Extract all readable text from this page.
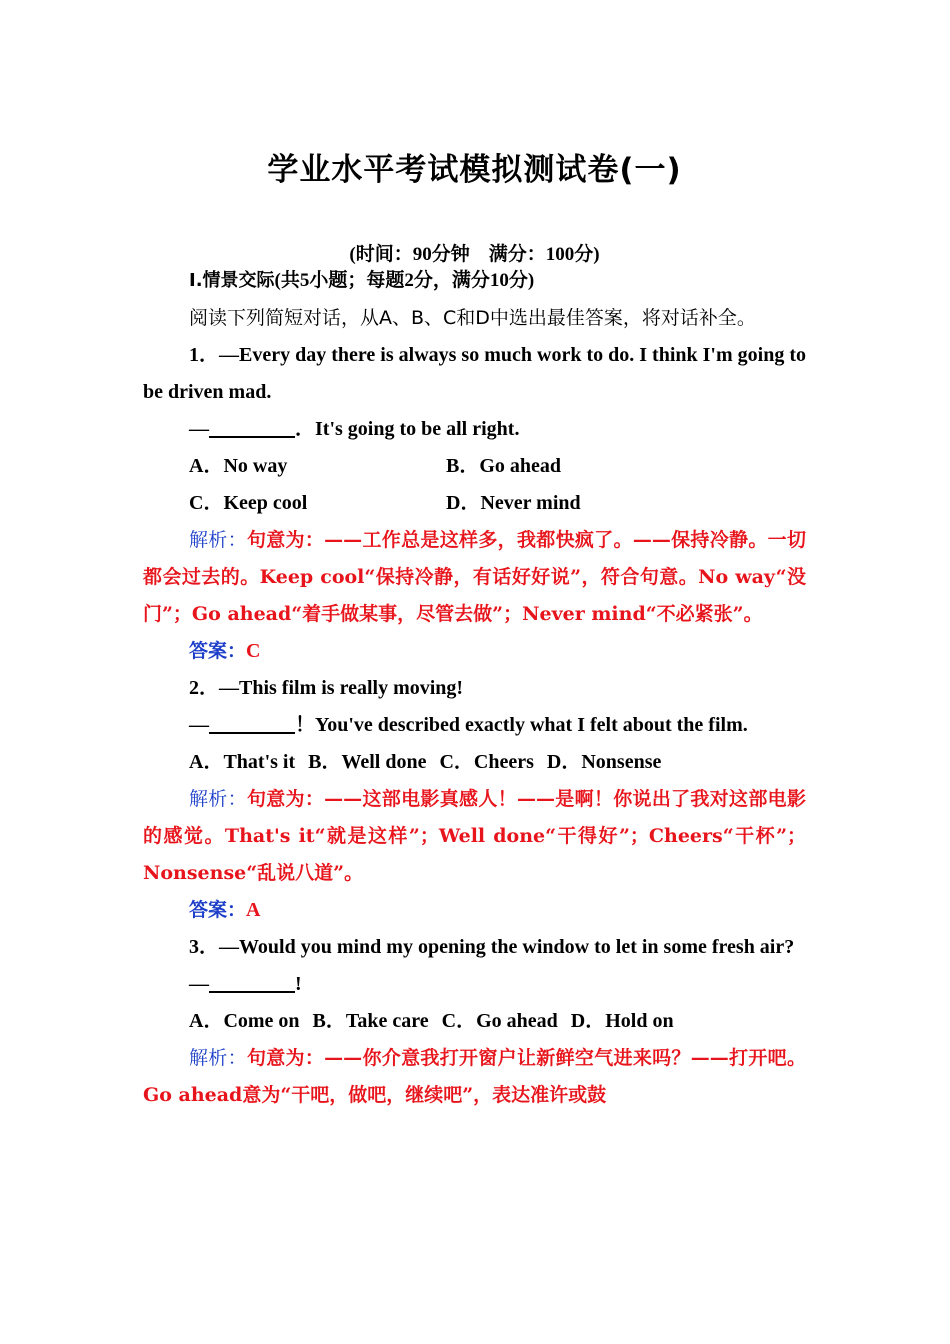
学业水平考试模拟测试卷(一)
(时间：90分钟　满分：100分)
Ⅰ.情景交际(共5小题；每题2分，满分10分)

阅读下列简短对话，从A、B、C和D中选出最佳答案，将对话补全。

1．—Every day there is always so much work to do. I think I'm going to be driven mad.

—	．It's going to be all right.

A．No way	B．Go ahead
C．Keep cool	D．Never mind

解析：句意为：——工作总是这样多，我都快疯了。——保持冷静。一切都会过去的。Keep cool“保持冷静，有话好好说”，符合句意。No way“没门”；Go ahead“着手做某事，尽管去做”；Never mind“不必紧张”。

答案：C

2．—This film is really moving!

—	！You've described exactly what I felt about the film.

A．That's it B．Well done C．Cheers D．Nonsense

解析：句意为：——这部电影真感人！——是啊！你说出了我对这部电影的感觉。That's it“就是这样”；Well done“干得好”；Cheers“干杯”；Nonsense“乱说八道”。

答案：A

3．—Would you mind my opening the window to let in some fresh air?

—	!

A．Come on B．Take care C．Go ahead D．Hold on

解析：句意为：——你介意我打开窗户让新鲜空气进来吗？——打开吧。Go ahead意为“干吧，做吧，继续吧”，表达准许或鼓
